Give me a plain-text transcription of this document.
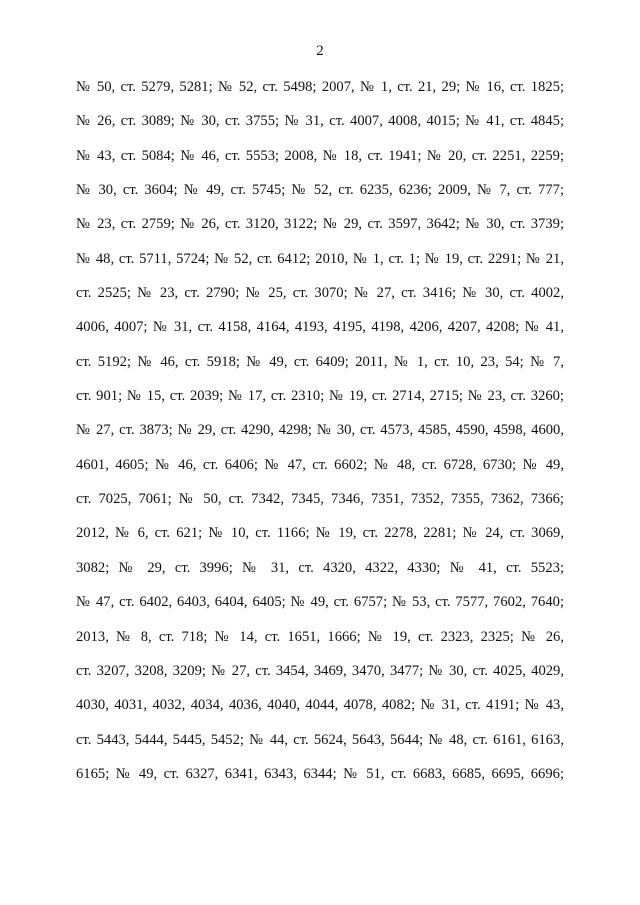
2
№ 50, ст. 5279, 5281; № 52, ст. 5498; 2007, № 1, ст. 21, 29; № 16, ст. 1825;
№ 26, ст. 3089; № 30, ст. 3755; № 31, ст. 4007, 4008, 4015; № 41, ст. 4845;
№ 43, ст. 5084; № 46, ст. 5553; 2008, № 18, ст. 1941; № 20, ст. 2251, 2259;
№ 30, ст. 3604; № 49, ст. 5745; № 52, ст. 6235, 6236; 2009, № 7, ст. 777;
№ 23, ст. 2759; № 26, ст. 3120, 3122; № 29, ст. 3597, 3642; № 30, ст. 3739;
№ 48, ст. 5711, 5724; № 52, ст. 6412; 2010, № 1, ст. 1; № 19, ст. 2291; № 21,
ст. 2525; № 23, ст. 2790; № 25, ст. 3070; № 27, ст. 3416; № 30, ст. 4002,
4006, 4007; № 31, ст. 4158, 4164, 4193, 4195, 4198, 4206, 4207, 4208; № 41,
ст. 5192; № 46, ст. 5918; № 49, ст. 6409; 2011, № 1, ст. 10, 23, 54; № 7,
ст. 901; № 15, ст. 2039; № 17, ст. 2310; № 19, ст. 2714, 2715; № 23, ст. 3260;
№ 27, ст. 3873; № 29, ст. 4290, 4298; № 30, ст. 4573, 4585, 4590, 4598, 4600,
4601, 4605; № 46, ст. 6406; № 47, ст. 6602; № 48, ст. 6728, 6730; № 49,
ст. 7025, 7061; № 50, ст. 7342, 7345, 7346, 7351, 7352, 7355, 7362, 7366;
2012, № 6, ст. 621; № 10, ст. 1166; № 19, ст. 2278, 2281; № 24, ст. 3069,
3082; № 29, ст. 3996; № 31, ст. 4320, 4322, 4330; № 41, ст. 5523;
№ 47, ст. 6402, 6403, 6404, 6405; № 49, ст. 6757; № 53, ст. 7577, 7602, 7640;
2013, № 8, ст. 718; № 14, ст. 1651, 1666; № 19, ст. 2323, 2325; № 26,
ст. 3207, 3208, 3209; № 27, ст. 3454, 3469, 3470, 3477; № 30, ст. 4025, 4029,
4030, 4031, 4032, 4034, 4036, 4040, 4044, 4078, 4082; № 31, ст. 4191; № 43,
ст. 5443, 5444, 5445, 5452; № 44, ст. 5624, 5643, 5644; № 48, ст. 6161, 6163,
6165; № 49, ст. 6327, 6341, 6343, 6344; № 51, ст. 6683, 6685, 6695, 6696;
